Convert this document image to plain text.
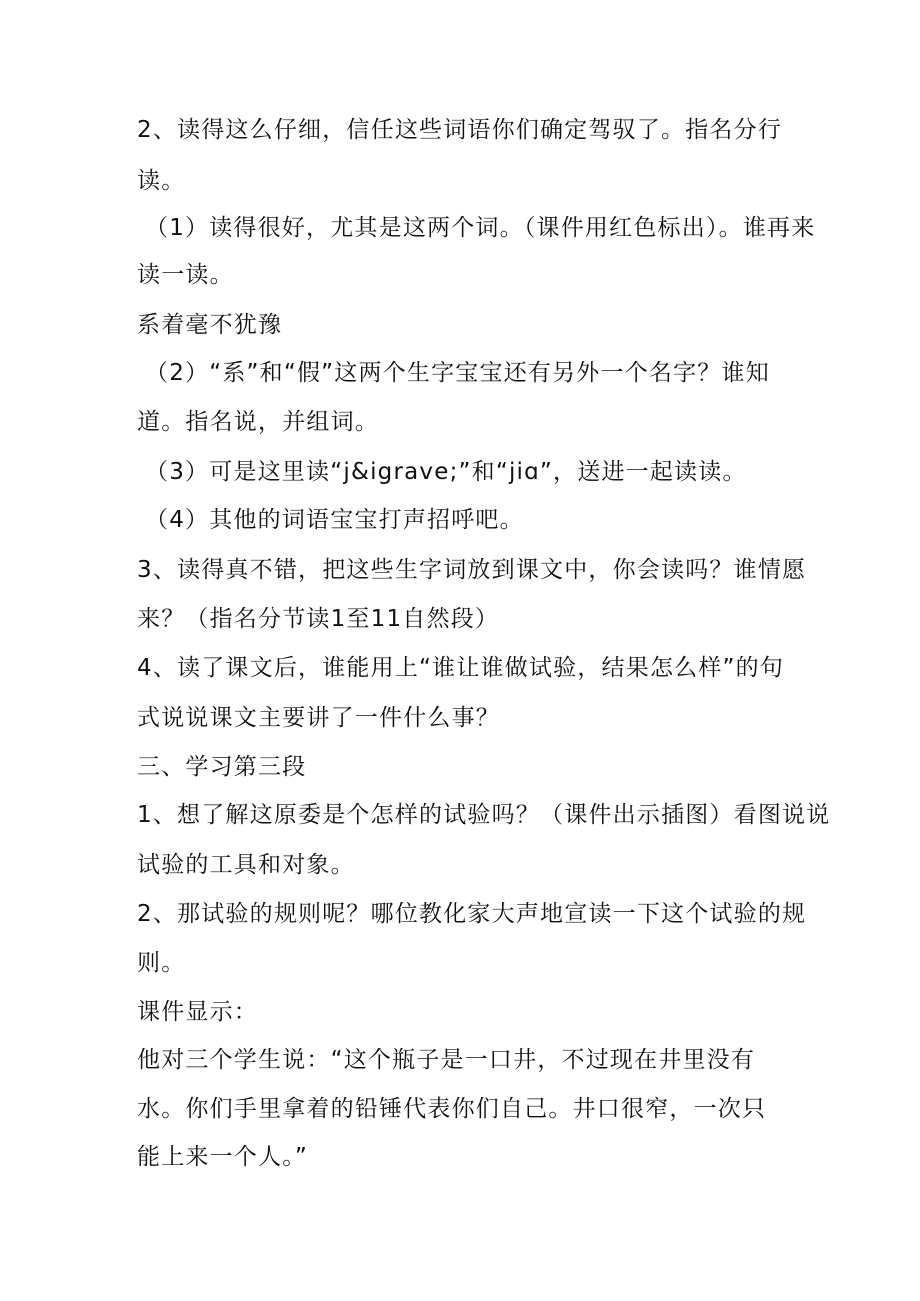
2、读得这么仔细，信任这些词语你们确定驾驭了。指名分行
读。
（1）读得很好，尤其是这两个词。（课件用红色标出）。谁再来
读一读。
系着毫不犹豫
（2）“系”和“假”这两个生字宝宝还有另外一个名字？谁知
道。指名说，并组词。
（3）可是这里读“j&igrave;”和“jiɑ”，送进一起读读。
（4）其他的词语宝宝打声招呼吧。
3、读得真不错，把这些生字词放到课文中，你会读吗？谁情愿
来？（指名分节读1至11自然段）
4、读了课文后，谁能用上“谁让谁做试验，结果怎么样”的句
式说说课文主要讲了一件什么事？
三、学习第三段
1、想了解这原委是个怎样的试验吗？（课件出示插图）看图说说
试验的工具和对象。
2、那试验的规则呢？哪位教化家大声地宣读一下这个试验的规
则。
课件显示：
他对三个学生说：“这个瓶子是一口井，不过现在井里没有
水。你们手里拿着的铅锤代表你们自己。井口很窄，一次只
能上来一个人。”
